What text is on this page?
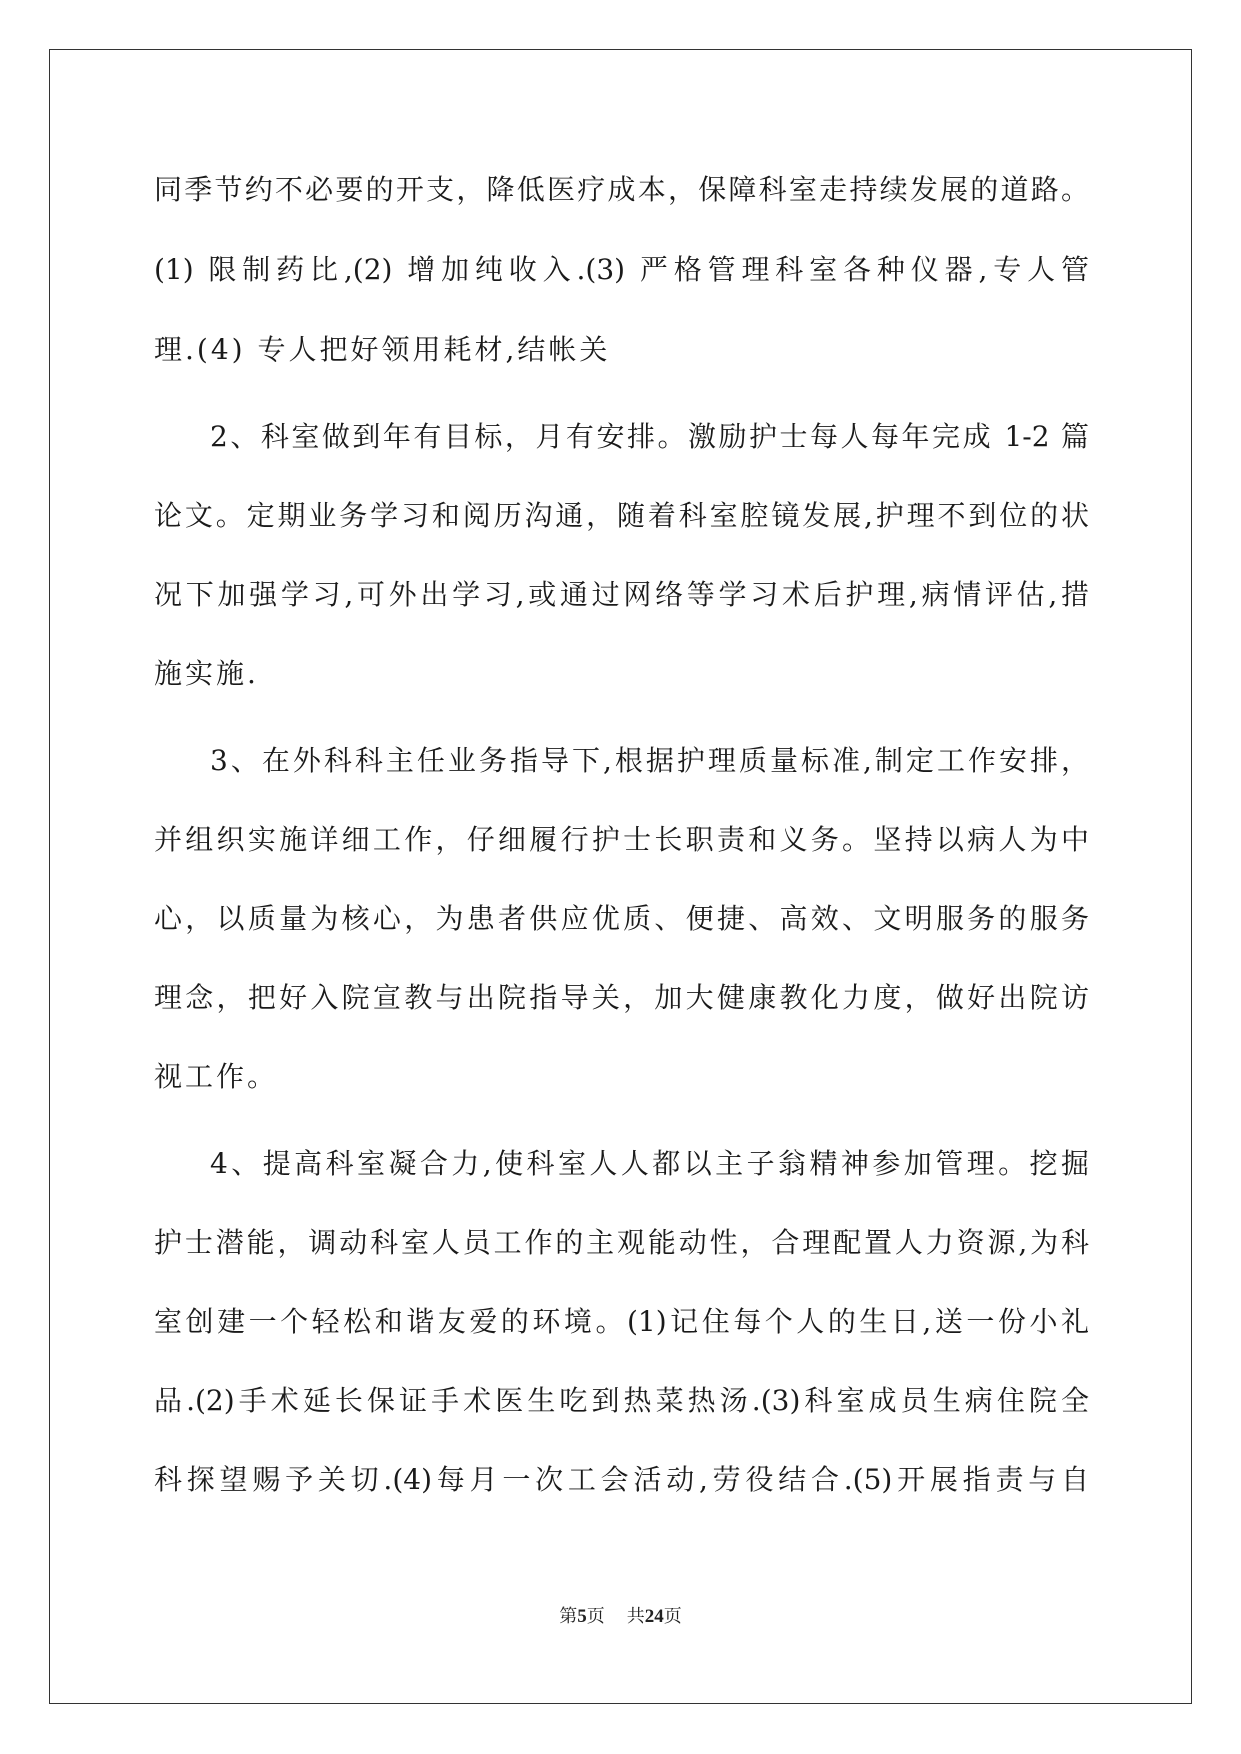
同季节约不必要的开支，降低医疗成本，保障科室走持续发展的道路。
(1) 限制药比,(2) 增加纯收入.(3) 严格管理科室各种仪器,专人管
理.(4) 专人把好领用耗材,结帐关
2、科室做到年有目标，月有安排。激励护士每人每年完成 1-2 篇
论文。定期业务学习和阅历沟通，随着科室腔镜发展,护理不到位的状
况下加强学习,可外出学习,或通过网络等学习术后护理,病情评估,措
施实施.
3、在外科科主任业务指导下,根据护理质量标准,制定工作安排，
并组织实施详细工作，仔细履行护士长职责和义务。坚持以病人为中
心，以质量为核心，为患者供应优质、便捷、高效、文明服务的服务
理念，把好入院宣教与出院指导关，加大健康教化力度，做好出院访
视工作。
4、提高科室凝合力,使科室人人都以主子翁精神参加管理。挖掘
护士潜能，调动科室人员工作的主观能动性，合理配置人力资源,为科
室创建一个轻松和谐友爱的环境。(1)记住每个人的生日,送一份小礼
品.(2)手术延长保证手术医生吃到热菜热汤.(3)科室成员生病住院全
科探望赐予关切.(4)每月一次工会活动,劳役结合.(5)开展指责与自
第5页 共24页
